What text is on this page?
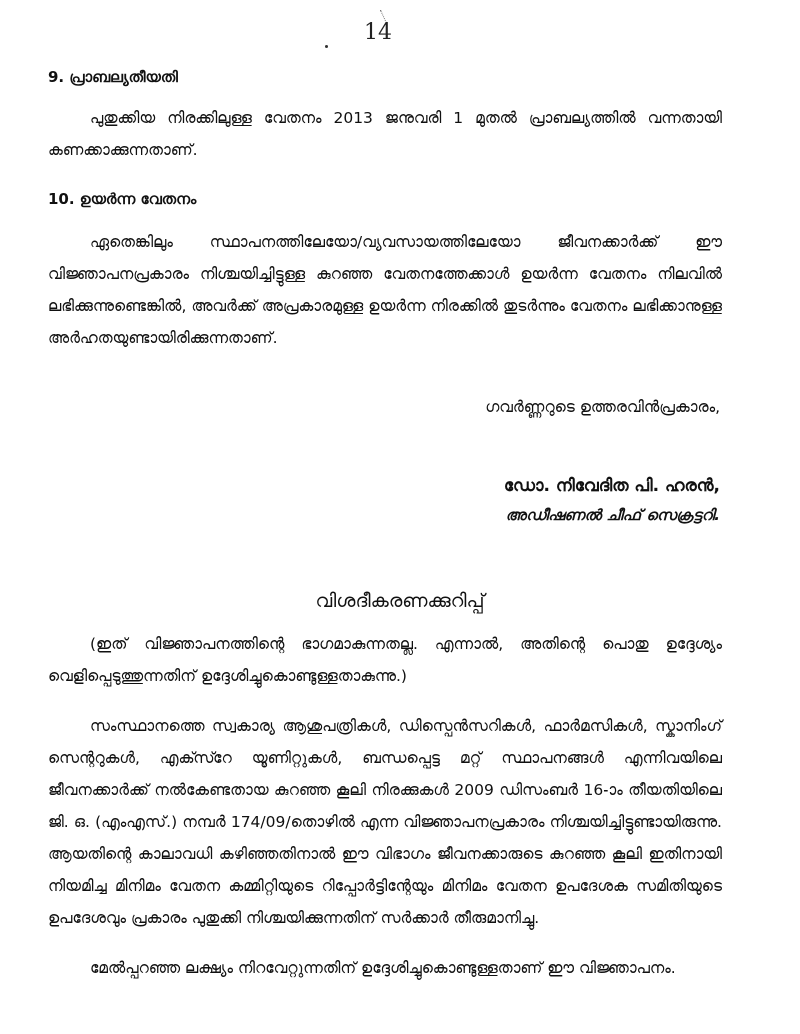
14
9. പ്രാബല്യതീയതി
പുതുക്കിയ നിരക്കിലുള്ള വേതനം 2013 ജനുവരി 1 മുതൽ പ്രാബല്യത്തിൽ വന്നതായി കണക്കാക്കുന്നതാണ്.
10. ഉയർന്ന വേതനം
ഏതെങ്കിലും സ്ഥാപനത്തിലേയോ/വ്യവസായത്തിലേയോ ജീവനക്കാർക്ക് ഈ വിജ്ഞാപനപ്രകാരം നിശ്ചയിച്ചിട്ടുള്ള കുറഞ്ഞ വേതനത്തേക്കാൾ ഉയർന്ന വേതനം നിലവിൽ ലഭിക്കുന്നുണ്ടെങ്കിൽ, അവർക്ക് അപ്രകാരമുള്ള ഉയർന്ന നിരക്കിൽ തുടർന്നും വേതനം ലഭിക്കാനുള്ള അർഹതയുണ്ടായിരിക്കുന്നതാണ്.
ഗവർണ്ണറുടെ ഉത്തരവിൻപ്രകാരം,
ഡോ. നിവേദിത പി. ഹരൻ,
അഡീഷണൽ ചീഫ് സെക്രട്ടറി.
വിശദീകരണക്കുറിപ്പ്
(ഇത് വിജ്ഞാപനത്തിന്റെ ഭാഗമാകുന്നതല്ല. എന്നാൽ, അതിന്റെ പൊതു ഉദ്ദേശ്യം വെളിപ്പെടുത്തുന്നതിന് ഉദ്ദേശിച്ചുകൊണ്ടുള്ളതാകുന്നു.)
സംസ്ഥാനത്തെ സ്വകാര്യ ആശുപത്രികൾ, ഡിസ്പെൻസറികൾ, ഫാർമസികൾ, സ്കാനിംഗ് സെന്ററുകൾ, എക്സ്റേ യൂണിറ്റുകൾ, ബന്ധപ്പെട്ട മറ്റ് സ്ഥാപനങ്ങൾ എന്നിവയിലെ ജീവനക്കാർക്ക് നൽകേണ്ടതായ കുറഞ്ഞ കൂലി നിരക്കുകൾ 2009 ഡിസംബർ 16-ാം തീയതിയിലെ ജി. ഒ. (എംഎസ്.) നമ്പർ 174/09/തൊഴിൽ എന്ന വിജ്ഞാപനപ്രകാരം നിശ്ചയിച്ചിട്ടുണ്ടായിരുന്നു. ആയതിന്റെ കാലാവധി കഴിഞ്ഞതിനാൽ ഈ വിഭാഗം ജീവനക്കാരുടെ കുറഞ്ഞ കൂലി ഇതിനായി നിയമിച്ച മിനിമം വേതന കമ്മിറ്റിയുടെ റിപ്പോർട്ടിന്റേയും മിനിമം വേതന ഉപദേശക സമിതിയുടെ ഉപദേശവും പ്രകാരം പുതുക്കി നിശ്ചയിക്കുന്നതിന് സർക്കാർ തീരുമാനിച്ചു.
മേൽപ്പറഞ്ഞ ലക്ഷ്യം നിറവേറ്റുന്നതിന് ഉദ്ദേശിച്ചുകൊണ്ടുള്ളതാണ് ഈ വിജ്ഞാപനം.
